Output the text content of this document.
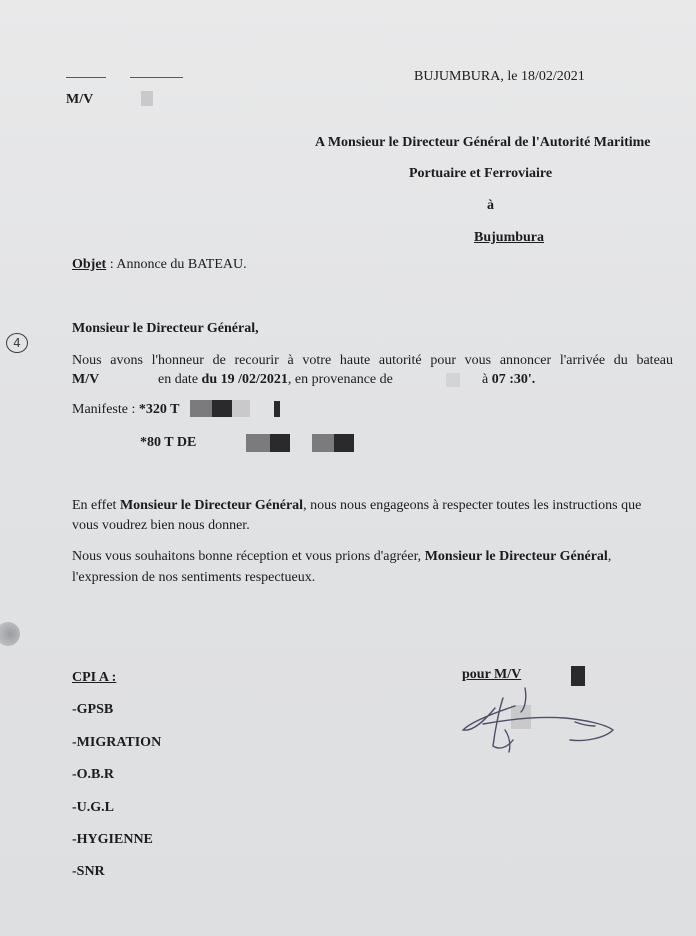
4
BUJUMBURA, le 18/02/2021
M/V
A Monsieur le Directeur Général de l'Autorité Maritime
Portuaire et Ferroviaire
à
Bujumbura
Objet : Annonce du BATEAU.
Monsieur le Directeur Général,
Nous avons l'honneur de recourir à votre haute autorité pour vous annoncer l'arrivée du bateau
M/V	en date du 19 /02/2021, en provenance de	à 07 :30'.
Manifeste : *320 T
*80 T DE
En effet Monsieur le Directeur Général, nous nous engageons à respecter toutes les instructions que
vous voudrez bien nous donner.
Nous vous souhaitons bonne réception et vous prions d'agréer, Monsieur le Directeur Général,
l'expression de nos sentiments respectueux.
CPI A :
-GPSB
-MIGRATION
-O.B.R
-U.G.L
-HYGIENNE
-SNR
pour M/V
